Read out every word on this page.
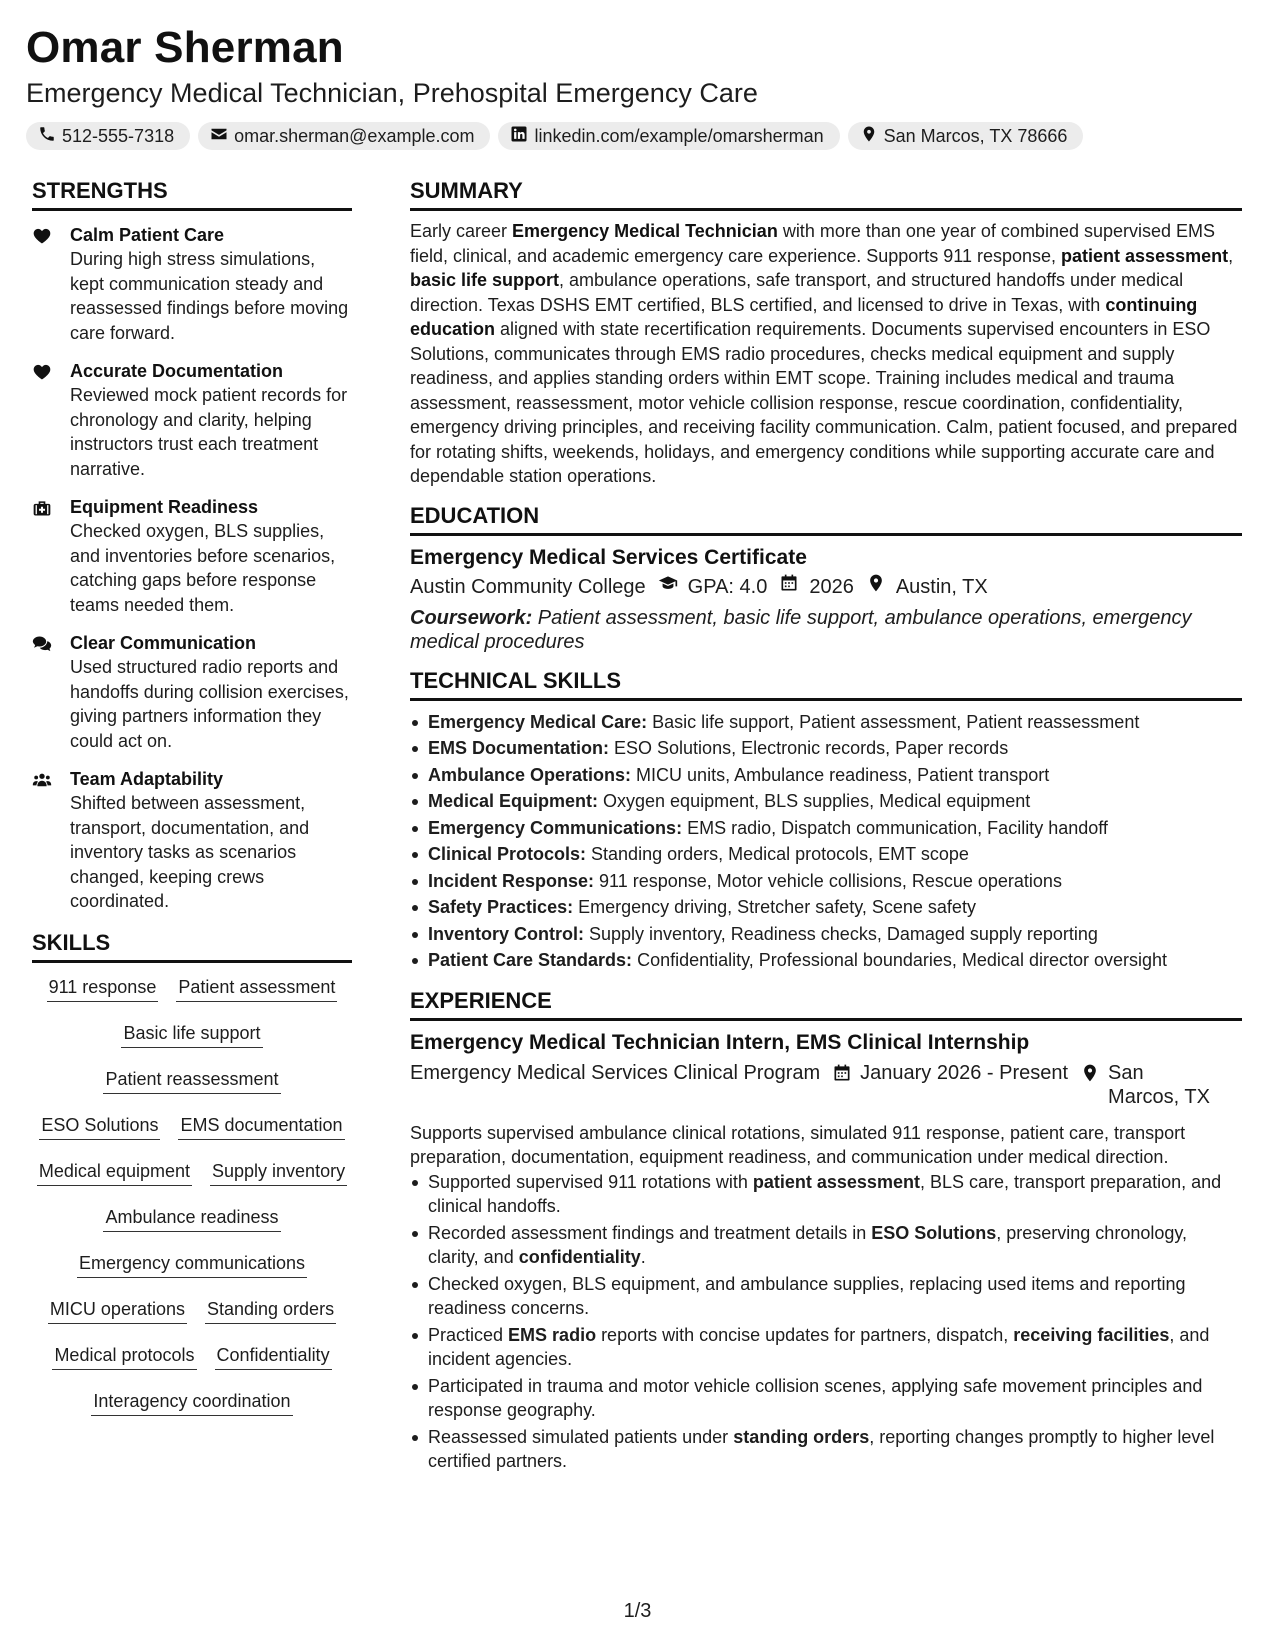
Omar Sherman
Emergency Medical Technician, Prehospital Emergency Care
512-555-7318	omar.sherman@example.com	linkedin.com/example/omarsherman	San Marcos, TX 78666
STRENGTHS
Calm Patient Care
During high stress simulations, kept communication steady and reassessed findings before moving care forward.
Accurate Documentation
Reviewed mock patient records for chronology and clarity, helping instructors trust each treatment narrative.
Equipment Readiness
Checked oxygen, BLS supplies, and inventories before scenarios, catching gaps before response teams needed them.
Clear Communication
Used structured radio reports and handoffs during collision exercises, giving partners information they could act on.
Team Adaptability
Shifted between assessment, transport, documentation, and inventory tasks as scenarios changed, keeping crews coordinated.
SKILLS
911 response Patient assessment
Basic life support
Patient reassessment
ESO Solutions EMS documentation
Medical equipment Supply inventory
Ambulance readiness
Emergency communications
MICU operations Standing orders
Medical protocols Confidentiality
Interagency coordination
SUMMARY

Early career Emergency Medical Technician with more than one year of combined supervised EMS field, clinical, and academic emergency care experience. Supports 911 response, patient assessment, basic life support, ambulance operations, safe transport, and structured handoffs under medical direction. Texas DSHS EMT certified, BLS certified, and licensed to drive in Texas, with continuing education aligned with state recertification requirements. Documents supervised encounters in ESO Solutions, communicates through EMS radio procedures, checks medical equipment and supply readiness, and applies standing orders within EMT scope. Training includes medical and trauma assessment, reassessment, motor vehicle collision response, rescue coordination, confidentiality, emergency driving principles, and receiving facility communication. Calm, patient focused, and prepared for rotating shifts, weekends, holidays, and emergency conditions while supporting accurate care and dependable station operations.

EDUCATION
Emergency Medical Services Certificate
Austin Community College GPA: 4.0 2026 Austin, TX
Coursework: Patient assessment, basic life support, ambulance operations, emergency medical procedures
TECHNICAL SKILLS
Emergency Medical Care: Basic life support, Patient assessment, Patient reassessment
EMS Documentation: ESO Solutions, Electronic records, Paper records
Ambulance Operations: MICU units, Ambulance readiness, Patient transport
Medical Equipment: Oxygen equipment, BLS supplies, Medical equipment
Emergency Communications: EMS radio, Dispatch communication, Facility handoff
Clinical Protocols: Standing orders, Medical protocols, EMT scope
Incident Response: 911 response, Motor vehicle collisions, Rescue operations
Safety Practices: Emergency driving, Stretcher safety, Scene safety
Inventory Control: Supply inventory, Readiness checks, Damaged supply reporting
Patient Care Standards: Confidentiality, Professional boundaries, Medical director oversight
EXPERIENCE
Emergency Medical Technician Intern, EMS Clinical Internship
Emergency Medical Services Clinical Program January 2026 - Present San Marcos, TX

Supports supervised ambulance clinical rotations, simulated 911 response, patient care, transport preparation, documentation, equipment readiness, and communication under medical direction.

Supported supervised 911 rotations with patient assessment, BLS care, transport preparation, and clinical handoffs.
Recorded assessment findings and treatment details in ESO Solutions, preserving chronology, clarity, and confidentiality.
Checked oxygen, BLS equipment, and ambulance supplies, replacing used items and reporting readiness concerns.
Practiced EMS radio reports with concise updates for partners, dispatch, receiving facilities, and incident agencies.
Participated in trauma and motor vehicle collision scenes, applying safe movement principles and response geography.
Reassessed simulated patients under standing orders, reporting changes promptly to higher level certified partners.
1/3
